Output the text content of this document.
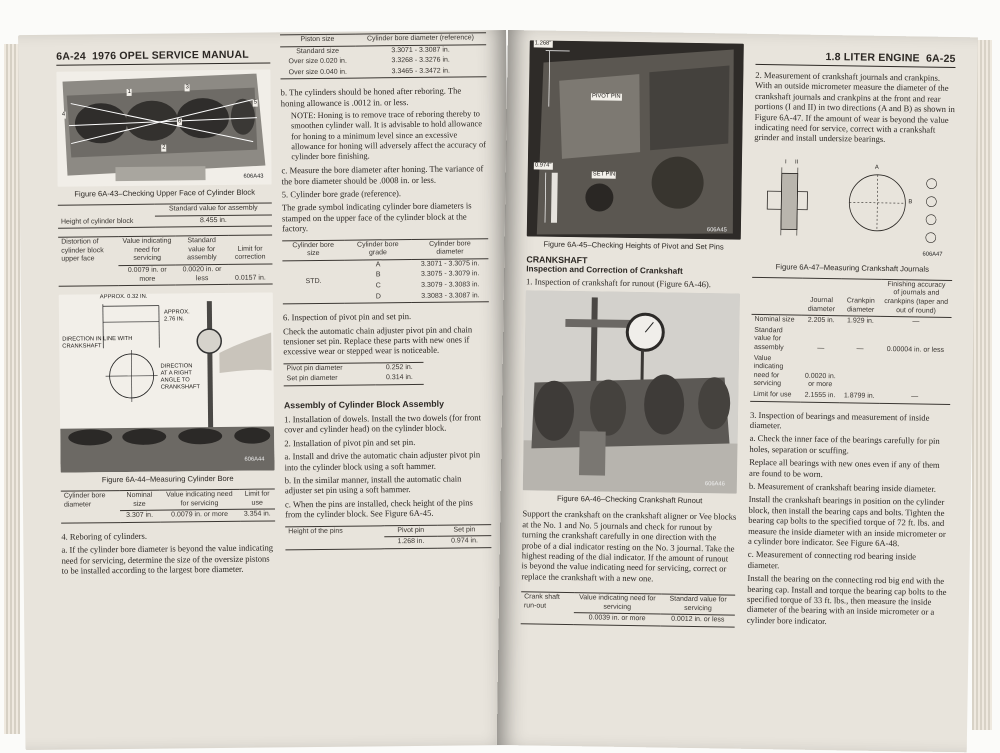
6A-24 1976 OPEL SERVICE MANUAL
1
2
3
4
5
6
606A43
Figure 6A-43–Checking Upper Face of Cylinder Block
Height of cylinder block	Standard value for assembly
8.455 in.
Distortion of cylinder block upper face	Value indicating need for servicing	Standard value for assembly	Limit for correction
	0.0079 in. or more	0.0020 in. or less	0.0157 in.
APPROX. 0.32 IN.
APPROX. 2.76 IN.
DIRECTION IN LINE WITH CRANKSHAFT
DIRECTION AT A RIGHT ANGLE TO CRANKSHAFT
606A44
Figure 6A-44–Measuring Cylinder Bore
Cylinder bore diameter	Nominal size	Value indicating need for servicing	Limit for use
	3.307 in.	0.0079 in. or more	3.354 in.

4. Reboring of cylinders.

a. If the cylinder bore diameter is beyond the value indicating need for servicing, determine the size of the oversize pistons to be installed according to the largest bore diameter.

Piston size	Cylinder bore diameter (reference)
Standard size	3.3071 - 3.3087 in.
Over size 0.020 in.	3.3268 - 3.3276 in.
Over size 0.040 in.	3.3465 - 3.3472 in.

b. The cylinders should be honed after reboring. The honing allowance is .0012 in. or less.

NOTE: Honing is to remove trace of reboring thereby to smoothen cylinder wall. It is advisable to hold allowance for honing to a minimum level since an excessive allowance for honing will adversely affect the accuracy of cylinder bore finishing.

c. Measure the bore diameter after honing. The variance of the bore diameter should be .0008 in. or less.

5. Cylinder bore grade (reference).

The grade symbol indicating cylinder bore diameters is stamped on the upper face of the cylinder block at the factory.

Cylinder bore size	Cylinder bore grade	Cylinder bore diameter
STD.	A	3.3071 - 3.3075 in.
	B	3.3075 - 3.3079 in.
	C	3.3079 - 3.3083 in.
	D	3.3083 - 3.3087 in.

6. Inspection of pivot pin and set pin.

Check the automatic chain adjuster pivot pin and chain tensioner set pin. Replace these parts with new ones if excessive wear or stepped wear is noticeable.

Pivot pin diameter	0.252 in.
Set pin diameter	0.314 in.
Assembly of Cylinder Block Assembly

1. Installation of dowels. Install the two dowels (for front cover and cylinder head) on the cylinder block.

2. Installation of pivot pin and set pin.

a. Install and drive the automatic chain adjuster pivot pin into the cylinder block using a soft hammer.

b. In the similar manner, install the automatic chain adjuster set pin using a soft hammer.

c. When the pins are installed, check height of the pins from the cylinder block. See Figure 6A-45.

Height of the pins	Pivot pin	Set pin
	1.268 in.	0.974 in.
1.268"
PIVOT PIN
0.974"
SET PIN
606A45
Figure 6A-45–Checking Heights of Pivot and Set Pins
CRANKSHAFT
Inspection and Correction of Crankshaft

1. Inspection of crankshaft for runout (Figure 6A-46).

606A46
Figure 6A-46–Checking Crankshaft Runout

Support the crankshaft on the crankshaft aligner or Vee blocks at the No. 1 and No. 5 journals and check for runout by turning the crankshaft carefully in one direction with the probe of a dial indicator resting on the No. 3 journal. Take the highest reading of the dial indicator. If the amount of runout is beyond the value indicating need for servicing, correct or replace the crankshaft with a new one.

Crank shaft run-out	Value indicating need for servicing	Standard value for servicing
	0.0039 in. or more	0.0012 in. or less
1.8 LITER ENGINE 6A-25

2. Measurement of crankshaft journals and crankpins. With an outside micrometer measure the diameter of the crankshaft journals and crankpins at the front and rear portions (I and II) in two directions (A and B) as shown in Figure 6A-47. If the amount of wear is beyond the value indicating need for service, correct with a crankshaft grinder and install undersize bearings.

I II
A
B
606A47
Figure 6A-47–Measuring Crankshaft Journals
	Journal diameter	Crankpin diameter	Finishing accuracy of journals and crankpins (taper and out of round)
Nominal size	2.205 in.	1.929 in.	—
Standard value for assembly	—	—	0.00004 in. or less
Value indicating need for servicing	0.0020 in. or more		
Limit for use	2.1555 in.	1.8799 in.	—

3. Inspection of bearings and measurement of inside diameter.

a. Check the inner face of the bearings carefully for pin holes, separation or scuffing.

Replace all bearings with new ones even if any of them are found to be worn.

b. Measurement of crankshaft bearing inside diameter.

Install the crankshaft bearings in position on the cylinder block, then install the bearing caps and bolts. Tighten the bearing cap bolts to the specified torque of 72 ft. lbs. and measure the inside diameter with an inside micrometer or a cylinder bore indicator. See Figure 6A-48.

c. Measurement of connecting rod bearing inside diameter.

Install the bearing on the connecting rod big end with the bearing cap. Install and torque the bearing cap bolts to the specified torque of 33 ft. lbs., then measure the inside diameter of the bearing with an inside micrometer or a cylinder bore indicator.
